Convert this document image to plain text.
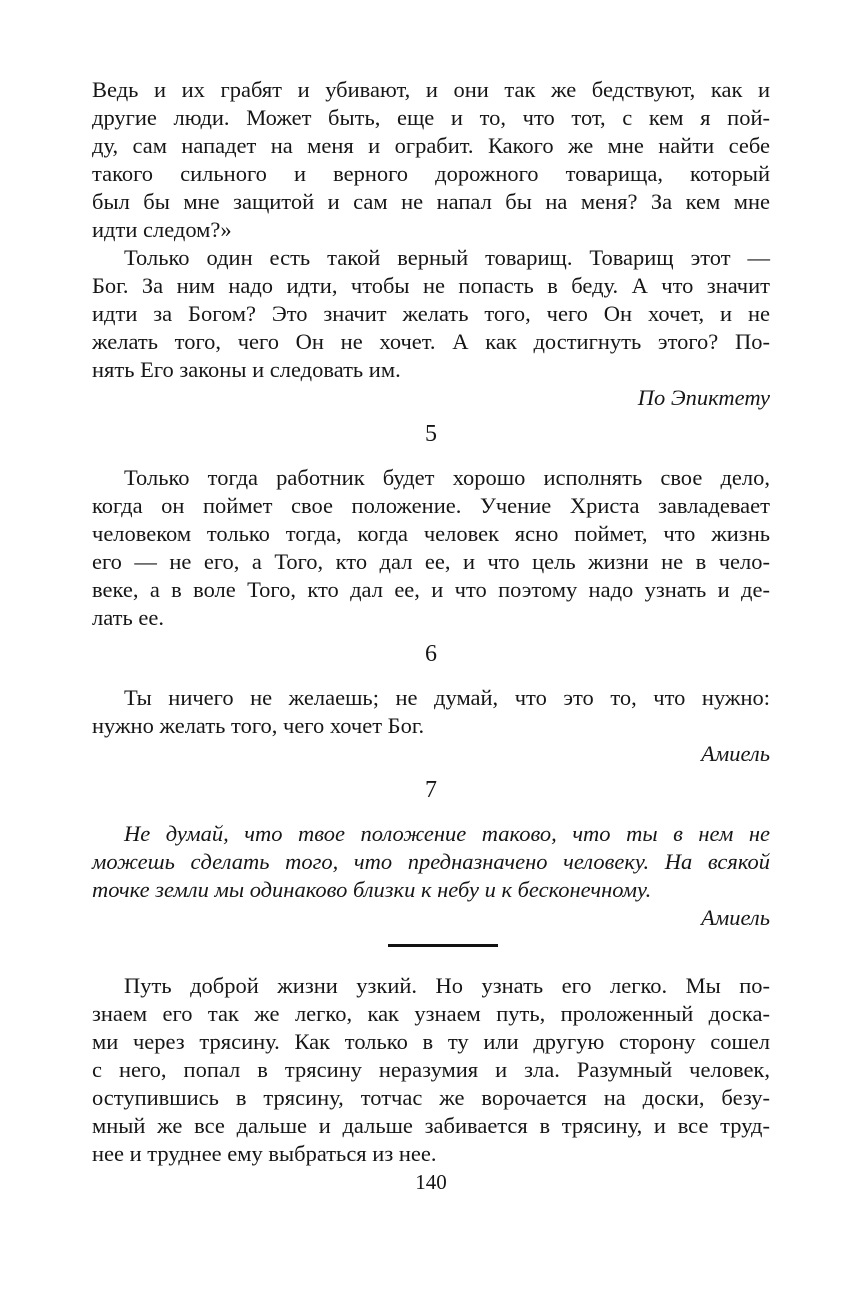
Ведь и их грабят и убивают, и они так же бедствуют, как и
другие люди. Может быть, еще и то, что тот, с кем я пой-
ду, сам нападет на меня и ограбит. Какого же мне найти себе
такого сильного и верного дорожного товарища, который
был бы мне защитой и сам не напал бы на меня? За кем мне
идти следом?»
Только один есть такой верный товарищ. Товарищ этот —
Бог. За ним надо идти, чтобы не попасть в беду. А что значит
идти за Богом? Это значит желать того, чего Он хочет, и не
желать того, чего Он не хочет. А как достигнуть этого? По-
нять Его законы и следовать им.
По Эпиктету
5
Только тогда работник будет хорошо исполнять свое дело,
когда он поймет свое положение. Учение Христа завладевает
человеком только тогда, когда человек ясно поймет, что жизнь
его — не его, а Того, кто дал ее, и что цель жизни не в чело-
веке, а в воле Того, кто дал ее, и что поэтому надо узнать и де-
лать ее.
6
Ты ничего не желаешь; не думай, что это то, что нужно:
нужно желать того, чего хочет Бог.
Амиель
7
Не думай, что твое положение таково, что ты в нем не
можешь сделать того, что предназначено человеку. На всякой
точке земли мы одинаково близки к небу и к бесконечному.
Амиель
Путь доброй жизни узкий. Но узнать его легко. Мы по-
знаем его так же легко, как узнаем путь, проложенный доска-
ми через трясину. Как только в ту или другую сторону сошел
с него, попал в трясину неразумия и зла. Разумный человек,
оступившись в трясину, тотчас же ворочается на доски, безу-
мный же все дальше и дальше забивается в трясину, и все труд-
нее и труднее ему выбраться из нее.
140
